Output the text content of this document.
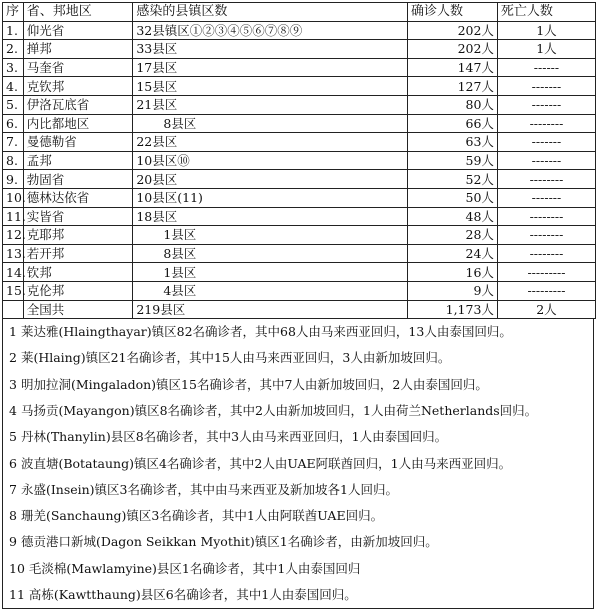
序	省、邦地区	感染的县镇区数	确诊人数	死亡人数
1.	仰光省	32县镇区①②③④⑤⑥⑦⑧⑨	202人	1人
2.	掸邦	33县区	202人	1人
3.	马奎省	17县区	147人	------
4.	克钦邦	15县区	127人	-------
5.	伊洛瓦底省	21县区	80人	-------
6.	内比都地区	8县区	66人	--------
7.	曼德勒省	22县区	63人	-------
8.	孟邦	10县区⑩	59人	-------
9.	勃固省	20县区	52人	--------
10.	德林达依省	10县区(11)	50人	-------
11.	实皆省	18县区	48人	--------
12.	克耶邦	1县区	28人	--------
13.	若开邦	8县区	24人	--------
14.	钦邦	1县区	16人	---------
15.	克伦邦	4县区	9人	---------
	全国共	219县区	1,173人	2人
1 莱达雅(Hlaingthayar)镇区82名确诊者，其中68人由马来西亚回归，13人由泰国回归。
2 莱(Hlaing)镇区21名确诊者，其中15人由马来西亚回归，3人由新加坡回归。
3 明加拉洞(Mingaladon)镇区15名确诊者，其中7人由新加坡回归，2人由泰国回归。
4 马扬贡(Mayangon)镇区8名确诊者，其中2人由新加坡回归，1人由荷兰Netherlands回归。
5 丹林(Thanylin)县区8名确诊者，其中3人由马来西亚回归，1人由泰国回归。
6 波直塘(Botataung)镇区4名确诊者，其中2人由UAE阿联酋回归，1人由马来西亚回归。
7 永盛(Insein)镇区3名确诊者，其中由马来西亚及新加坡各1人回归。
8 珊羌(Sanchaung)镇区3名确诊者，其中1人由阿联酋UAE回归。
9 德贡港口新城(Dagon Seikkan Myothit)镇区1名确诊者，由新加坡回归。
10 毛淡棉(Mawlamyine)县区1名确诊者，其中1人由泰国回归
11 高栋(Kawtthaung)县区6名确诊者，其中1人由泰国回归。
